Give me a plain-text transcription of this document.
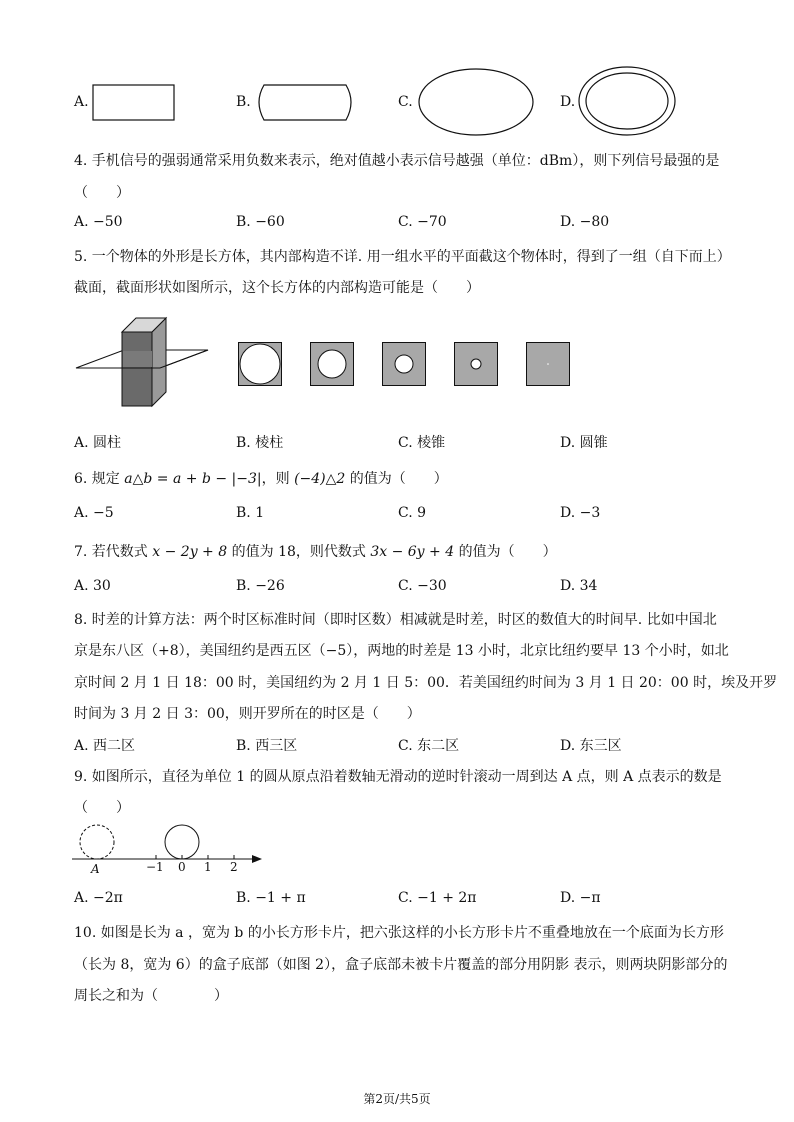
A.	B.	C.	D.
4. 手机信号的强弱通常采用负数来表示，绝对值越小表示信号越强（单位：dBm），则下列信号最强的是
（　　）
A. −50	B. −60	C. −70	D. −80
5. 一个物体的外形是长方体，其内部构造不详. 用一组水平的平面截这个物体时，得到了一组（自下而上）
截面，截面形状如图所示，这个长方体的内部构造可能是（　　）
A. 圆柱	B. 棱柱	C. 棱锥	D. 圆锥
6. 规定 a△b = a + b − |−3|，则 (−4)△2 的值为（　　）
A. −5	B. 1	C. 9	D. −3
7. 若代数式 x − 2y + 8 的值为 18，则代数式 3x − 6y + 4 的值为（　　）
A. 30	B. −26	C. −30	D. 34
8. 时差的计算方法：两个时区标准时间（即时区数）相减就是时差，时区的数值大的时间早. 比如中国北
京是东八区（+8），美国纽约是西五区（−5），两地的时差是 13 小时，北京比纽约要早 13 个小时，如北
京时间 2 月 1 日 18：00 时，美国纽约为 2 月 1 日 5：00．若美国纽约时间为 3 月 1 日 20：00 时，埃及开罗
时间为 3 月 2 日 3：00，则开罗所在的时区是（　　）
A. 西二区	B. 西三区	C. 东二区	D. 东三区
9. 如图所示，直径为单位 1 的圆从原点沿着数轴无滑动的逆时针滚动一周到达 A 点，则 A 点表示的数是
（　　）
A	−1 0 1 2
A. −2π	B. −1 + π	C. −1 + 2π	D. −π
10. 如图是长为 a ，宽为 b 的小长方形卡片，把六张这样的小长方形卡片不重叠地放在一个底面为长方形
（长为 8，宽为 6）的盒子底部（如图 2），盒子底部未被卡片覆盖的部分用阴影 表示，则两块阴影部分的
周长之和为（　　　　）
第2页/共5页
